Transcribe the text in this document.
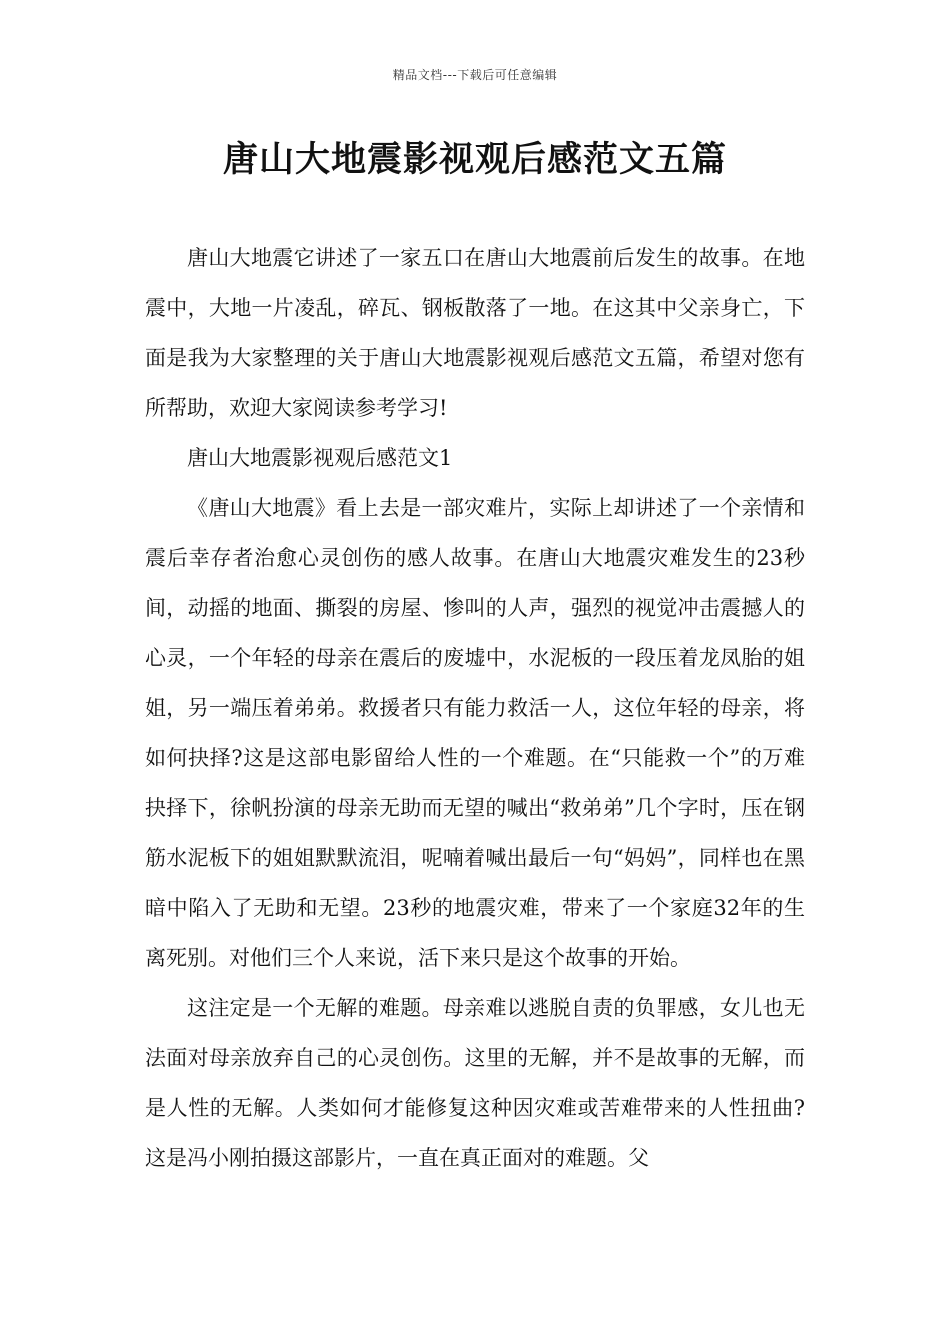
精品文档---下载后可任意编辑
唐山大地震影视观后感范文五篇

唐山大地震它讲述了一家五口在唐山大地震前后发生的故事。在地震中，大地一片凌乱，碎瓦、钢板散落了一地。在这其中父亲身亡，下面是我为大家整理的关于唐山大地震影视观后感范文五篇，希望对您有所帮助，欢迎大家阅读参考学习!

唐山大地震影视观后感范文1

《唐山大地震》看上去是一部灾难片，实际上却讲述了一个亲情和震后幸存者治愈心灵创伤的感人故事。在唐山大地震灾难发生的23秒间，动摇的地面、撕裂的房屋、惨叫的人声，强烈的视觉冲击震撼人的心灵，一个年轻的母亲在震后的废墟中，水泥板的一段压着龙凤胎的姐姐，另一端压着弟弟。救援者只有能力救活一人，这位年轻的母亲，将如何抉择?这是这部电影留给人性的一个难题。在“只能救一个”的万难抉择下，徐帆扮演的母亲无助而无望的喊出“救弟弟”几个字时，压在钢筋水泥板下的姐姐默默流泪，呢喃着喊出最后一句“妈妈”，同样也在黑暗中陷入了无助和无望。23秒的地震灾难，带来了一个家庭32年的生离死别。对他们三个人来说，活下来只是这个故事的开始。

这注定是一个无解的难题。母亲难以逃脱自责的负罪感，女儿也无法面对母亲放弃自己的心灵创伤。这里的无解，并不是故事的无解，而是人性的无解。人类如何才能修复这种因灾难或苦难带来的人性扭曲?这是冯小刚拍摄这部影片，一直在真正面对的难题。父
